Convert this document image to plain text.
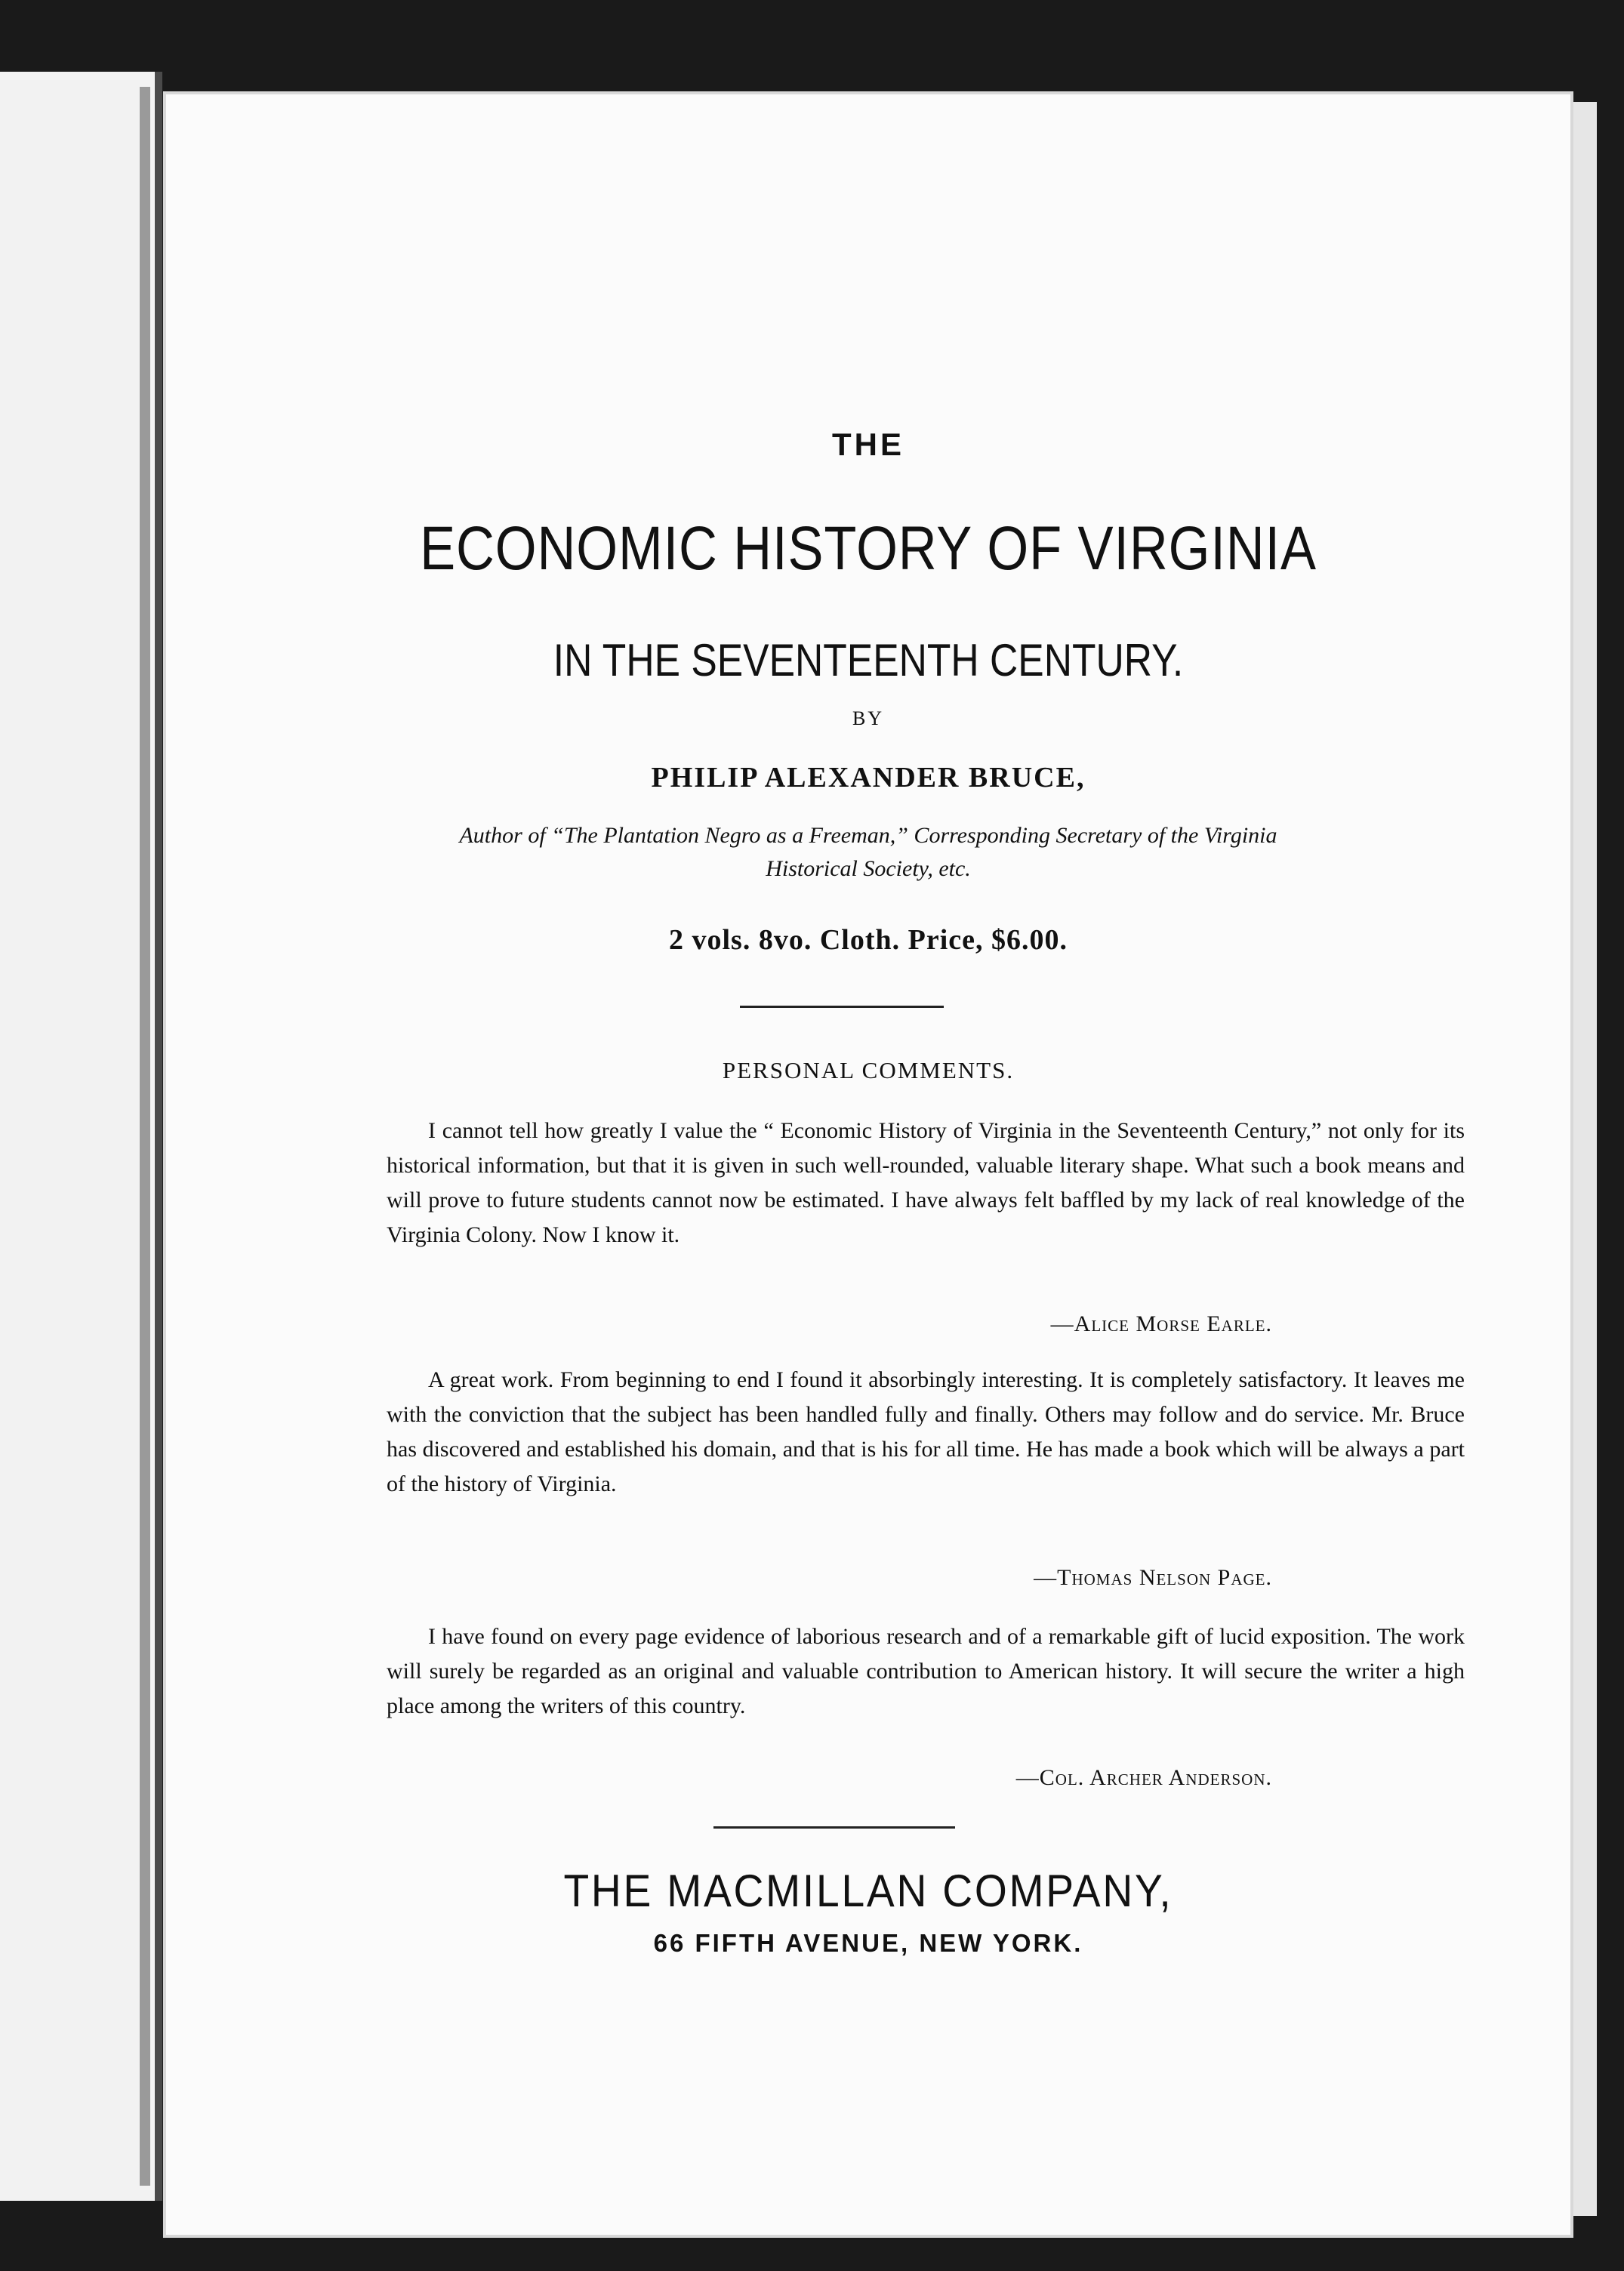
THE
ECONOMIC HISTORY OF VIRGINIA
IN THE SEVENTEENTH CENTURY.
BY
PHILIP ALEXANDER BRUCE,
Author of “The Plantation Negro as a Freeman,” Corresponding Secretary of the Virginia Historical Society, etc.
2 vols. 8vo. Cloth. Price, $6.00.
PERSONAL COMMENTS.

I cannot tell how greatly I value the “ Economic History of Virginia in the Seventeenth Century,” not only for its historical information, but that it is given in such well-rounded, valuable literary shape. What such a book means and will prove to future students cannot now be estimated. I have always felt baffled by my lack of real knowledge of the Virginia Colony. Now I know it.

—Alice Morse Earle.

A great work. From beginning to end I found it absorbingly interesting. It is completely satisfactory. It leaves me with the conviction that the subject has been handled fully and finally. Others may follow and do service. Mr. Bruce has discovered and established his domain, and that is his for all time. He has made a book which will be always a part of the history of Virginia.

—Thomas Nelson Page.

I have found on every page evidence of laborious research and of a remarkable gift of lucid exposition. The work will surely be regarded as an original and valuable contribution to American history. It will secure the writer a high place among the writers of this country.

—Col. Archer Anderson.
THE MACMILLAN COMPANY,
66 FIFTH AVENUE, NEW YORK.
